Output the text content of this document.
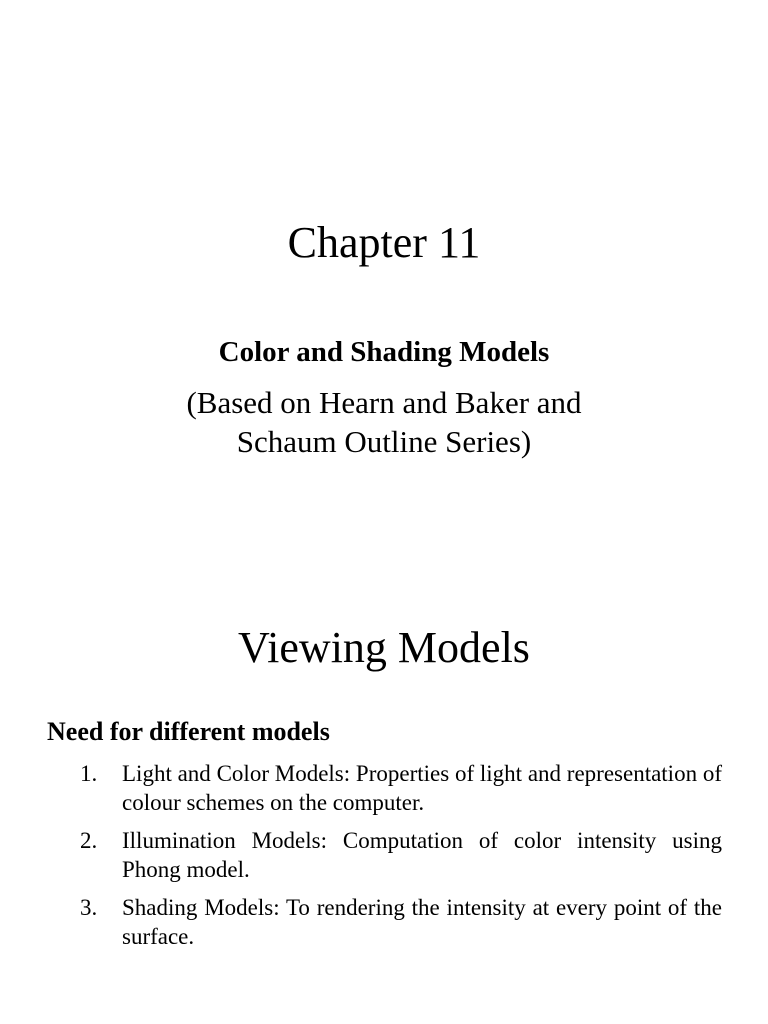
Chapter 11
Color and Shading Models
(Based on Hearn and Baker and
Schaum Outline Series)
Viewing Models
Need for different models
1.	Light and Color Models: Properties of light and representation of colour schemes on the computer.
2.	Illumination Models: Computation of color intensity using Phong model.
3.	Shading Models: To rendering the intensity at every point of the surface.
